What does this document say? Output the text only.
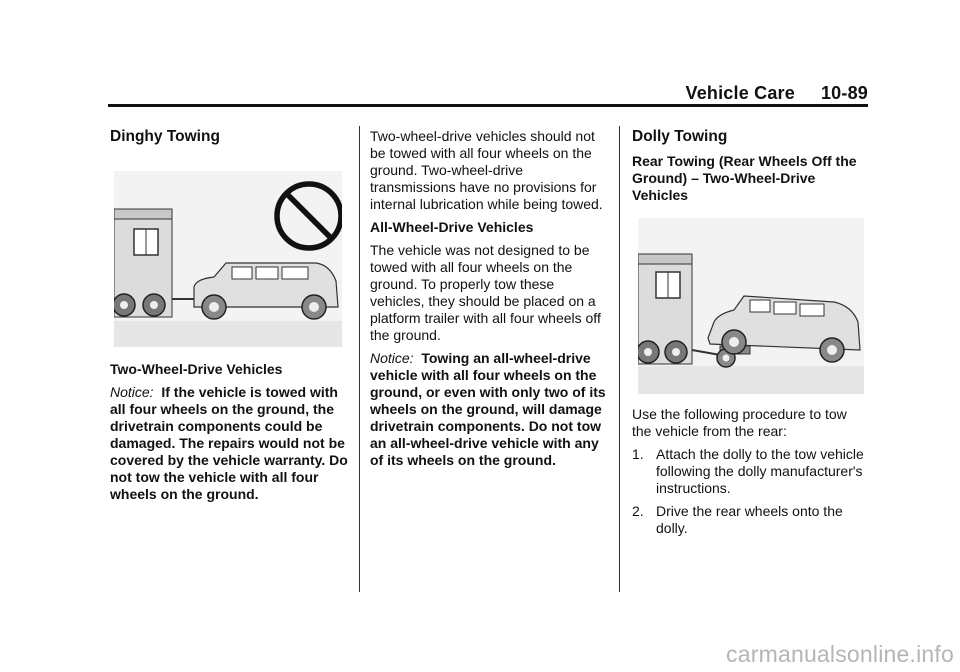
Vehicle Care 10-89
Dinghy Towing

Two-Wheel-Drive Vehicles

Notice: If the vehicle is towed with all four wheels on the ground, the drivetrain components could be damaged. The repairs would not be covered by the vehicle warranty. Do not tow the vehicle with all four wheels on the ground.

Two-wheel-drive vehicles should not be towed with all four wheels on the ground. Two-wheel-drive transmissions have no provisions for internal lubrication while being towed.

All-Wheel-Drive Vehicles

The vehicle was not designed to be towed with all four wheels on the ground. To properly tow these vehicles, they should be placed on a platform trailer with all four wheels off the ground.

Notice: Towing an all-wheel-drive vehicle with all four wheels on the ground, or even with only two of its wheels on the ground, will damage drivetrain components. Do not tow an all-wheel-drive vehicle with any of its wheels on the ground.

Dolly Towing

Rear Towing (Rear Wheels Off the Ground) – Two-Wheel-Drive Vehicles

Use the following procedure to tow the vehicle from the rear:

1. Attach the dolly to the tow vehicle following the dolly manufacturer's instructions.
2. Drive the rear wheels onto the dolly.
carmanualsonline.info
